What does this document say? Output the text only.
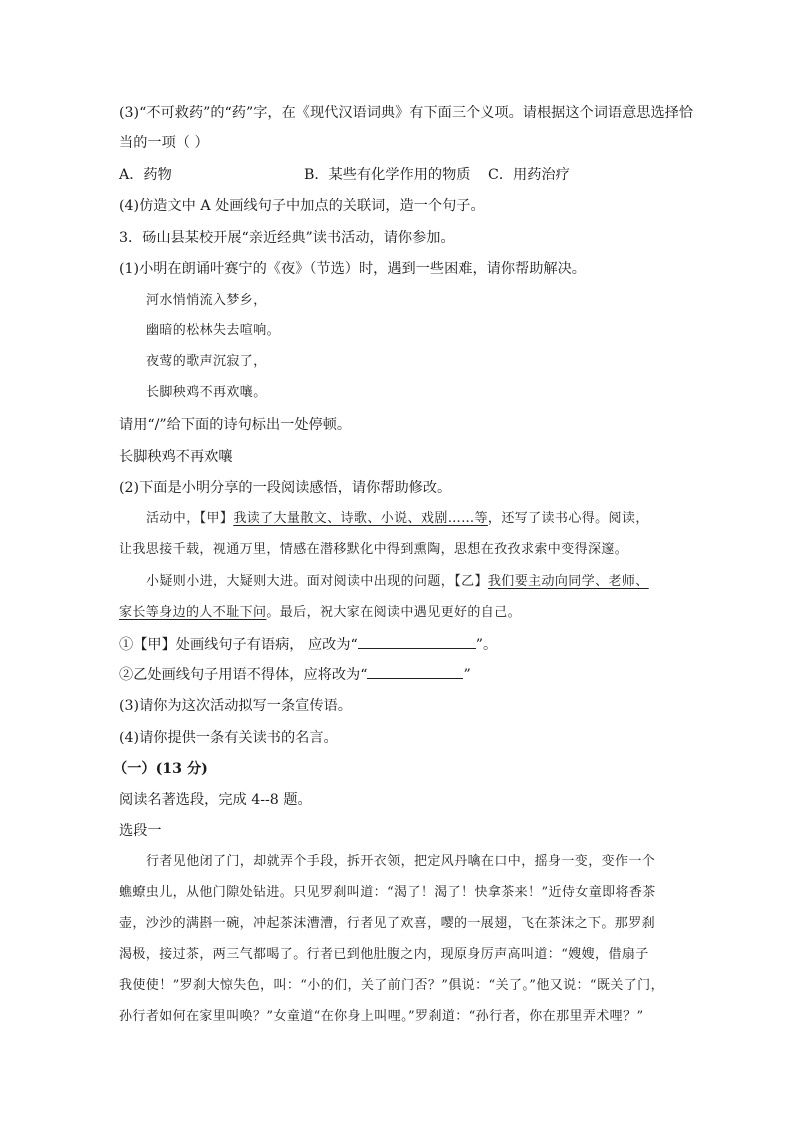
(3)“不可救药”的“药”字，在《现代汉语词典》有下面三个义项。请根据这个词语意思选择恰
当的一项（ ）
A．药物	B．某些有化学作用的物质 C．用药治疗
(4)仿造文中 A 处画线句子中加点的关联词，造一个句子。
3．砀山县某校开展“亲近经典”读书活动，请你参加。
(1)小明在朗诵叶赛宁的《夜》（节选）时，遇到一些困难，请你帮助解决。
河水悄悄流入梦乡，
幽暗的松林失去喧响。
夜莺的歌声沉寂了，
长脚秧鸡不再欢嚷。
请用“/”给下面的诗句标出一处停顿。
长脚秧鸡不再欢嚷
(2)下面是小明分享的一段阅读感悟，请你帮助修改。
活动中，【甲】我读了大量散文、诗歌、小说、戏剧……等，还写了读书心得。阅读，
让我思接千载，视通万里，情感在潜移默化中得到熏陶，思想在孜孜求索中变得深邃。
小疑则小进，大疑则大进。面对阅读中出现的问题，【乙】我们要主动向同学、老师、
家长等身边的人不耻下问。最后，祝大家在阅读中遇见更好的自己。
①【甲】处画线句子有语病， 应改为“	”。
②乙处画线句子用语不得体，应将改为“	”
(3)请你为这次活动拟写一条宣传语。
(4)请你提供一条有关读书的名言。
（一）(13 分)
阅读名著选段，完成 4--8 题。
选段一
行者见他闭了门，却就弄个手段，拆开衣领，把定风丹噙在口中，摇身一变，变作一个
蟭蟟虫儿，从他门隙处钻进。只见罗刹叫道：“渴了！渴了！快拿茶来！”近侍女童即将香茶
壶，沙沙的满斟一碗，冲起茶沫漕漕，行者见了欢喜，嘤的一展翅，飞在茶沫之下。那罗刹
渴极，接过茶，两三气都喝了。行者已到他肚腹之内，现原身厉声高叫道：“嫂嫂，借扇子
我使使！”罗刹大惊失色，叫：“小的们，关了前门否？”俱说：“关了。”他又说：“既关了门，
孙行者如何在家里叫唤？”女童道“在你身上叫哩。”罗刹道：“孙行者，你在那里弄术哩？”
